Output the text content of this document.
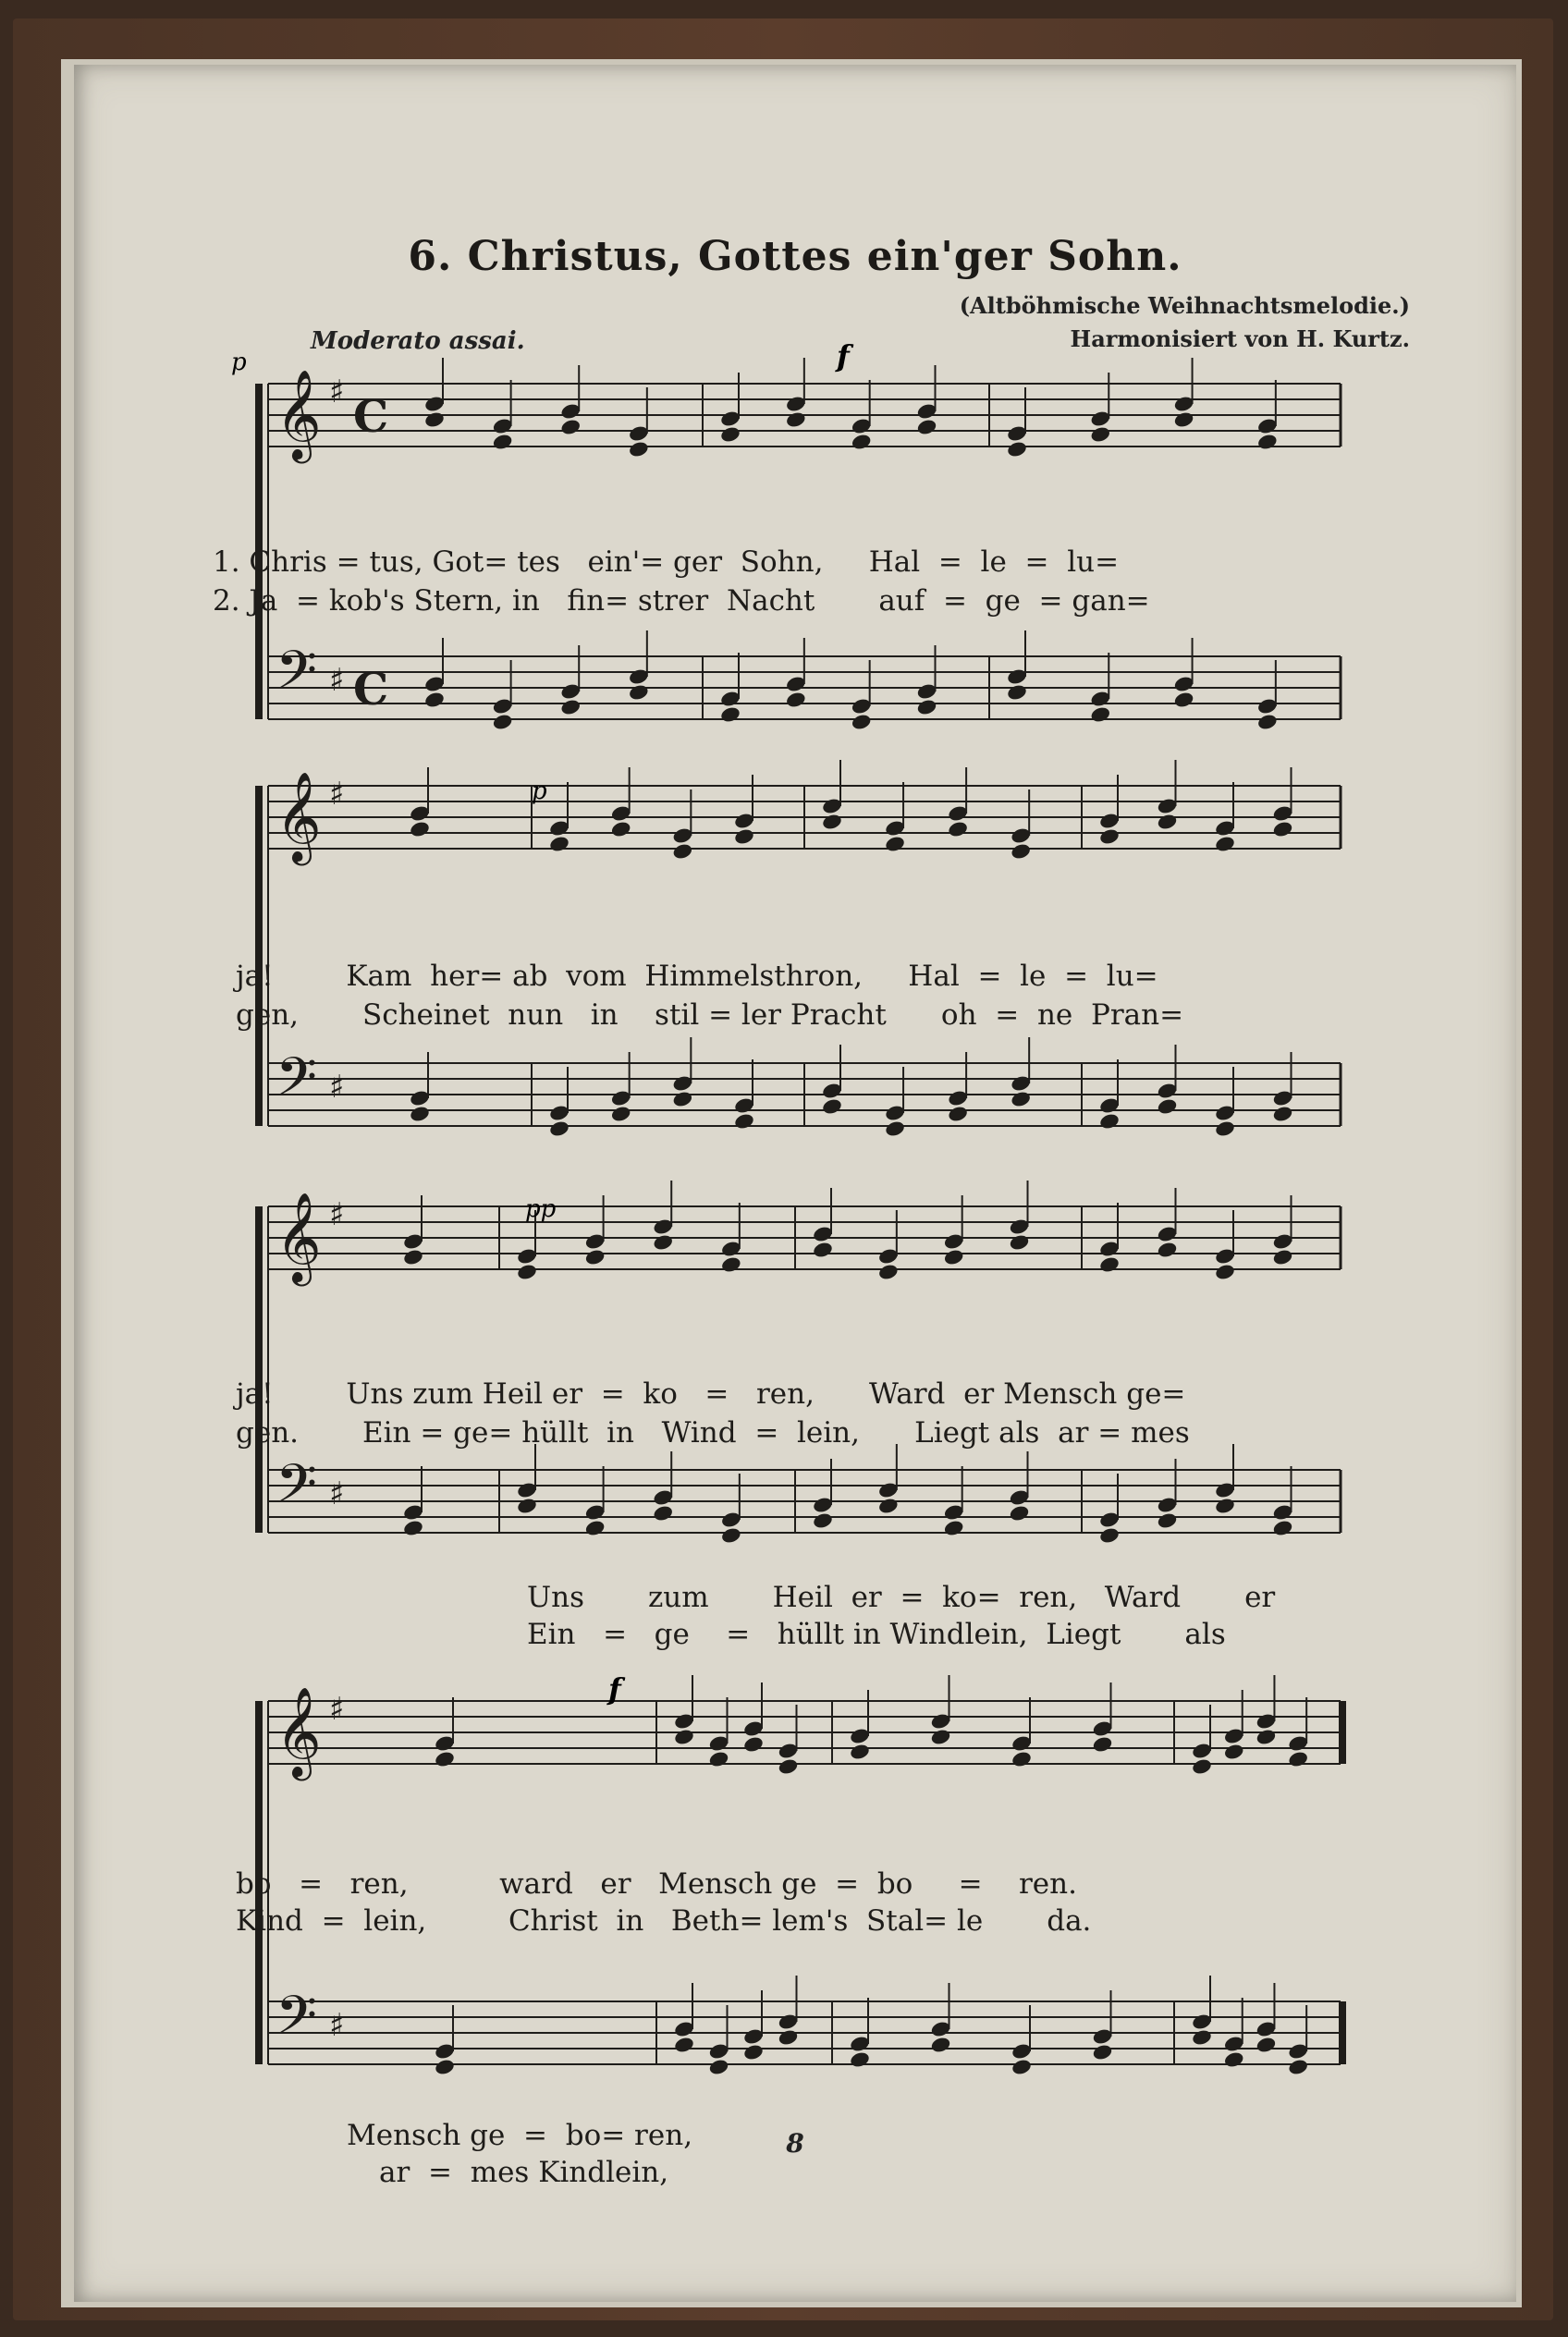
6. Christus, Gottes ein'ger Sohn.
(Altböhmische Weihnachtsmelodie.)
Harmonisiert von H. Kurtz.
Moderato assai.
𝄞
𝄢
♯
♯
C
C
𝄞
𝄢
♯
♯
𝄞
𝄢
♯
♯
𝄞
𝄢
♯
♯
p	f
p
pp
f
1. Chris = tus, Got= tes   ein'= ger  Sohn,     Hal  =  le  =  lu=
2. Ja  = kob's Stern, in   fin= strer  Nacht       auf  =  ge  = gan=
ja!        Kam  her= ab  vom  Himmelsthron,     Hal  =  le  =  lu=
gen,       Scheinet  nun   in    stil = ler Pracht      oh  =  ne  Pran=
ja!        Uns zum Heil er  =  ko   =   ren,      Ward  er Mensch ge=
gen.       Ein = ge= hüllt  in   Wind  =  lein,      Liegt als  ar = mes
Uns       zum       Heil  er  =  ko=  ren,   Ward       er
Ein   =   ge    =   hüllt in Windlein,  Liegt       als
bo   =   ren,          ward   er   Mensch ge  =  bo     =    ren.
Kind  =  lein,         Christ  in   Beth= lem's  Stal= le       da.
Mensch ge  =  bo= ren,
ar  =  mes Kindlein,
8
